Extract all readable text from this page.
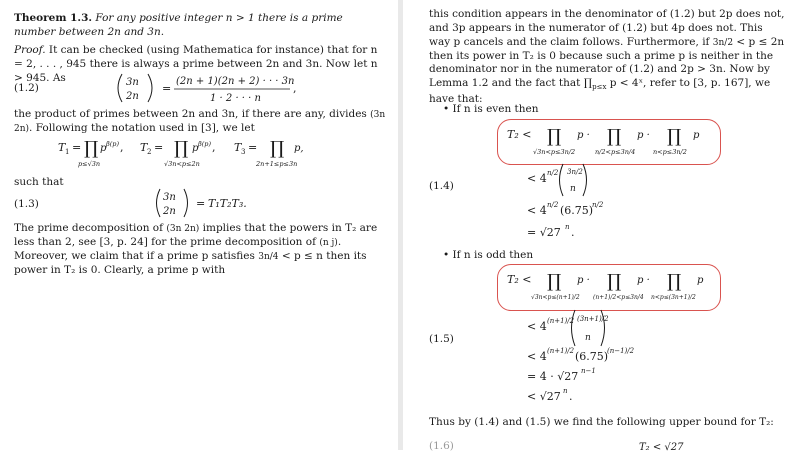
Theorem 1.3. For any positive integer n > 1 there is a prime number between 2n and 3n.

Proof. It can be checked (using Mathematica for instance) that for n = 2, . . . , 945 there is always a prime between 2n and 3n. Now let n > 945. As

(1.2)	3n
2n
=
(2n + 1)(2n + 2) · · · 3n
1 · 2 · · · n
,

the product of primes between 2n and 3n, if there are any, divides (3n 2n). Following the notation used in [3], we let

T 1 = ∏
p≤√3n
p β(p) , T 2 = ∏
√3n<p≤2n
p β(p) , T 3 = ∏
2n+1≤p≤3n
p,
such that
(1.3)
3n
2n
= T₁T₂T₃.

The prime decomposition of (3n 2n) implies that the powers in T₂ are less than 2, see [3, p. 24] for the prime decomposition of (n j). Moreover, we claim that if a prime p satisfies 3n/4 < p ≤ n then its power in T₂ is 0. Clearly, a prime p with

this condition appears in the denominator of (1.2) but 2p does not, and 3p appears in the numerator of (1.2) but 4p does not. This way p cancels and the claim follows. Furthermore, if 3n/2 < p ≤ 2n then its power in T₂ is 0 because such a prime p is neither in the denominator nor in the numerator of (1.2) and 2p > 3n. Now by Lemma 1.2 and the fact that $\prod_{p\le x}$ p < 4ˣ, refer to [3, p. 167], we have that:

• If n is even then
T₂ < ∏
√3n<p≤3n/2
p · ∏
n/2<p≤3n/4
p · ∏
n<p≤3n/2
p
(1.4)
< 4 n/2 3n/2
n
< 4 n/2 (6.75)
n/2
= √27 n .
• If n is odd then
T₂ < ∏
√3n<p≤(n+1)/2
p · ∏
(n+1)/2<p≤3n/4
p · ∏
n<p≤(3n+1)/2
p
(1.5)
< 4 (n+1)/2 (3n+1)/2
n
< 4 (n+1)/2 (6.75)
(n−1)/2
= 4 · √27 n−1
< √27 n .
Thus by (1.4) and (1.5) we find the following upper bound for T₂:
(1.6)	T₂ < √27
